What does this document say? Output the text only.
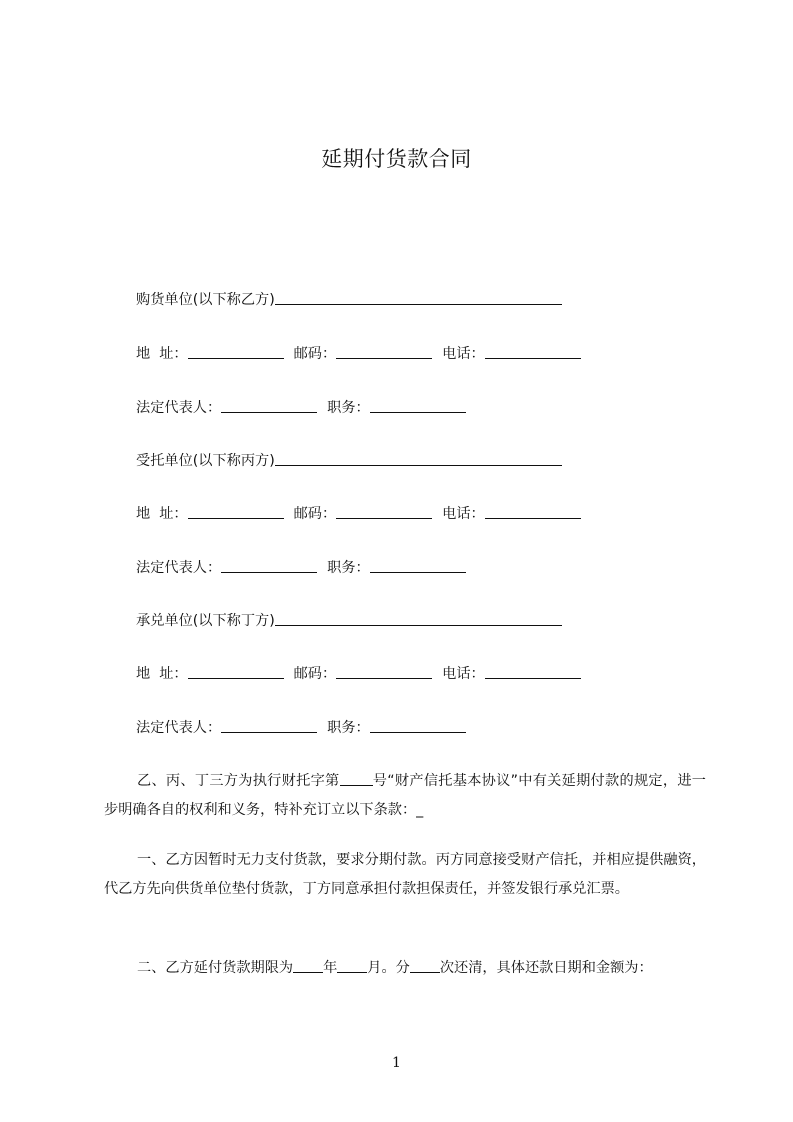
延期付货款合同
购货单位(以下称乙方)
地  址：	邮码：	电话：
法定代表人：	职务：
受托单位(以下称丙方)
地  址：	邮码：	电话：
法定代表人：	职务：
承兑单位(以下称丁方)
地  址：	邮码：	电话：
法定代表人：	职务：
乙、丙、丁三方为执行财托字第 号“财产信托基本协议”中有关延期付款的规定，进一步明确各自的权利和义务，特补充订立以下条款：_
一、乙方因暂时无力支付货款，要求分期付款。丙方同意接受财产信托，并相应提供融资，代乙方先向供货单位垫付货款，丁方同意承担付款担保责任，并签发银行承兑汇票。
二、乙方延付货款期限为 年 月。分 次还清，具体还款日期和金额为：
1
